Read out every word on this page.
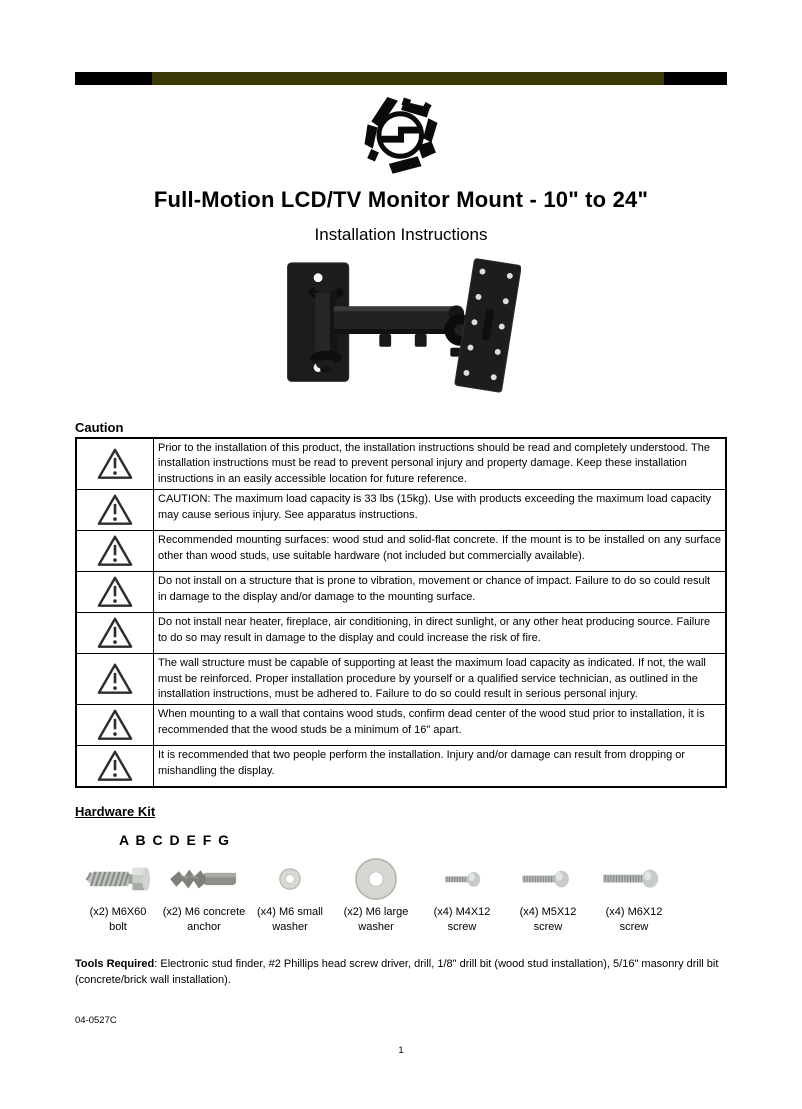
Full-Motion LCD/TV Monitor Mount - 10" to 24"
Installation Instructions
Caution
Prior to the installation of this product, the installation instructions should be read and completely understood. The installation instructions must be read to prevent personal injury and property damage. Keep these installation instructions in an easily accessible location for future reference.
CAUTION: The maximum load capacity is 33 lbs (15kg). Use with products exceeding the maximum load capacity may cause serious injury. See apparatus instructions.
Recommended mounting surfaces: wood stud and solid-flat concrete. If the mount is to be installed on any surface other than wood studs, use suitable hardware (not included but commercially available).
Do not install on a structure that is prone to vibration, movement or chance of impact. Failure to do so could result in damage to the display and/or damage to the mounting surface.
Do not install near heater, fireplace, air conditioning, in direct sunlight, or any other heat producing source. Failure to do so may result in damage to the display and could increase the risk of fire.
The wall structure must be capable of supporting at least the maximum load capacity as indicated. If not, the wall must be reinforced. Proper installation procedure by yourself or a qualified service technician, as outlined in the installation instructions, must be adhered to. Failure to do so could result in serious personal injury.
When mounting to a wall that contains wood studs, confirm dead center of the wood stud prior to installation, it is recommended that the wood studs be a minimum of 16" apart.
It is recommended that two people perform the installation. Injury and/or damage can result from dropping or mishandling the display.
Hardware Kit
A B C D E F G
(x2) M6X60
bolt
(x2) M6 concrete
anchor
(x4) M6 small
washer
(x2) M6 large
washer
(x4) M4X12
screw
(x4) M5X12
screw
(x4) M6X12
screw
Tools Required: Electronic stud finder, #2 Phillips head screw driver, drill, 1/8" drill bit (wood stud installation), 5/16" masonry drill bit (concrete/brick wall installation).
04-0527C
1
